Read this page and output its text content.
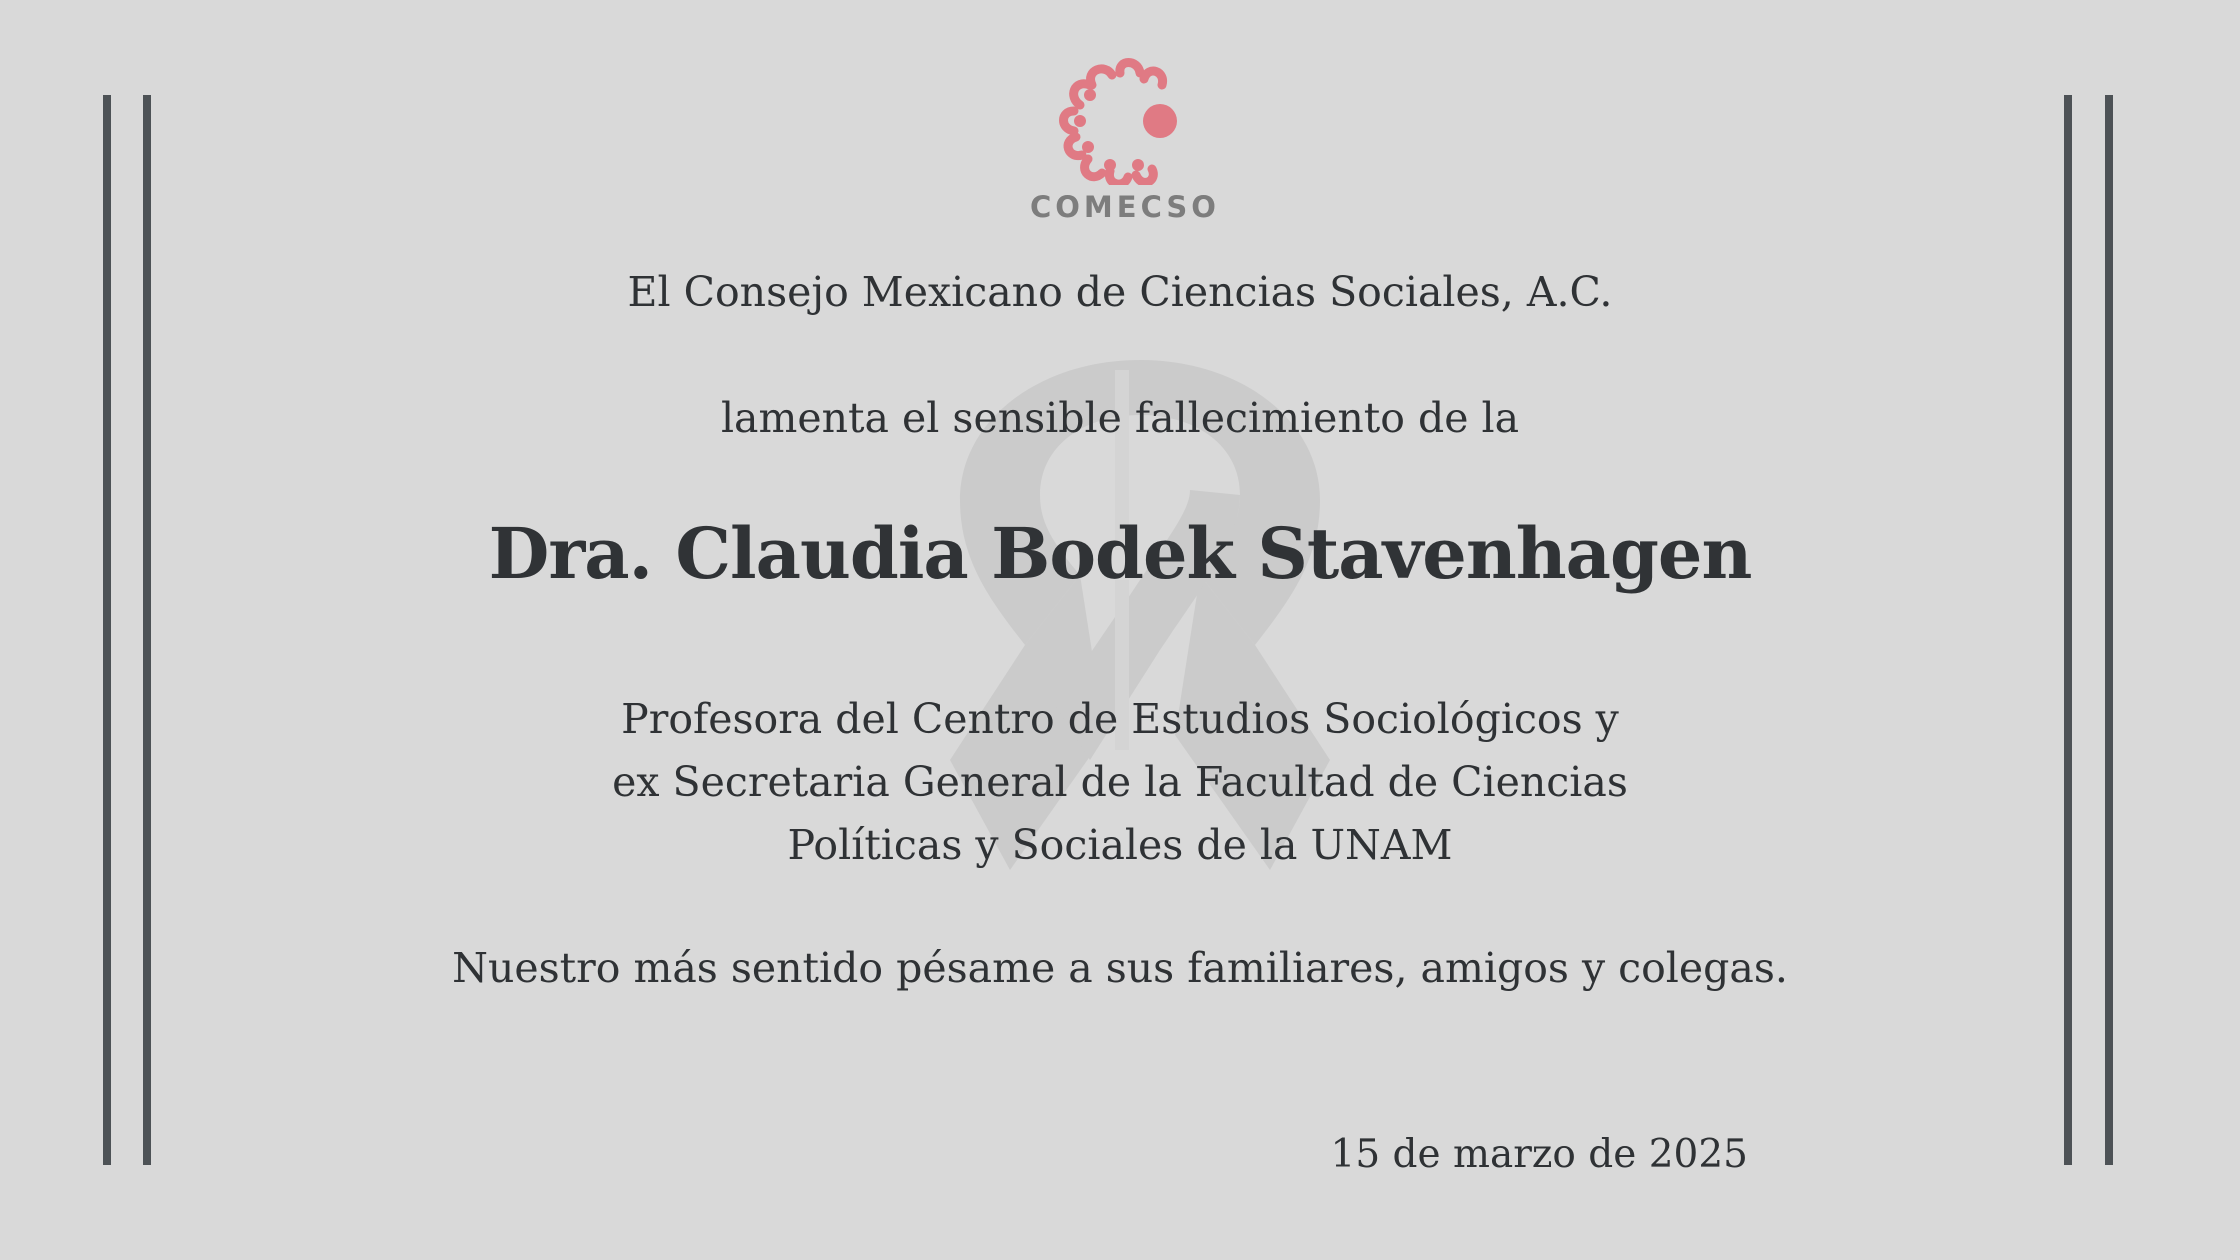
COMECSO
El Consejo Mexicano de Ciencias Sociales, A.C.
lamenta el sensible fallecimiento de la
Dra. Claudia Bodek Stavenhagen
Profesora del Centro de Estudios Sociológicos y
ex Secretaria General de la Facultad de Ciencias
Políticas y Sociales de la UNAM
Nuestro más sentido pésame a sus familiares, amigos y colegas.
15 de marzo de 2025
